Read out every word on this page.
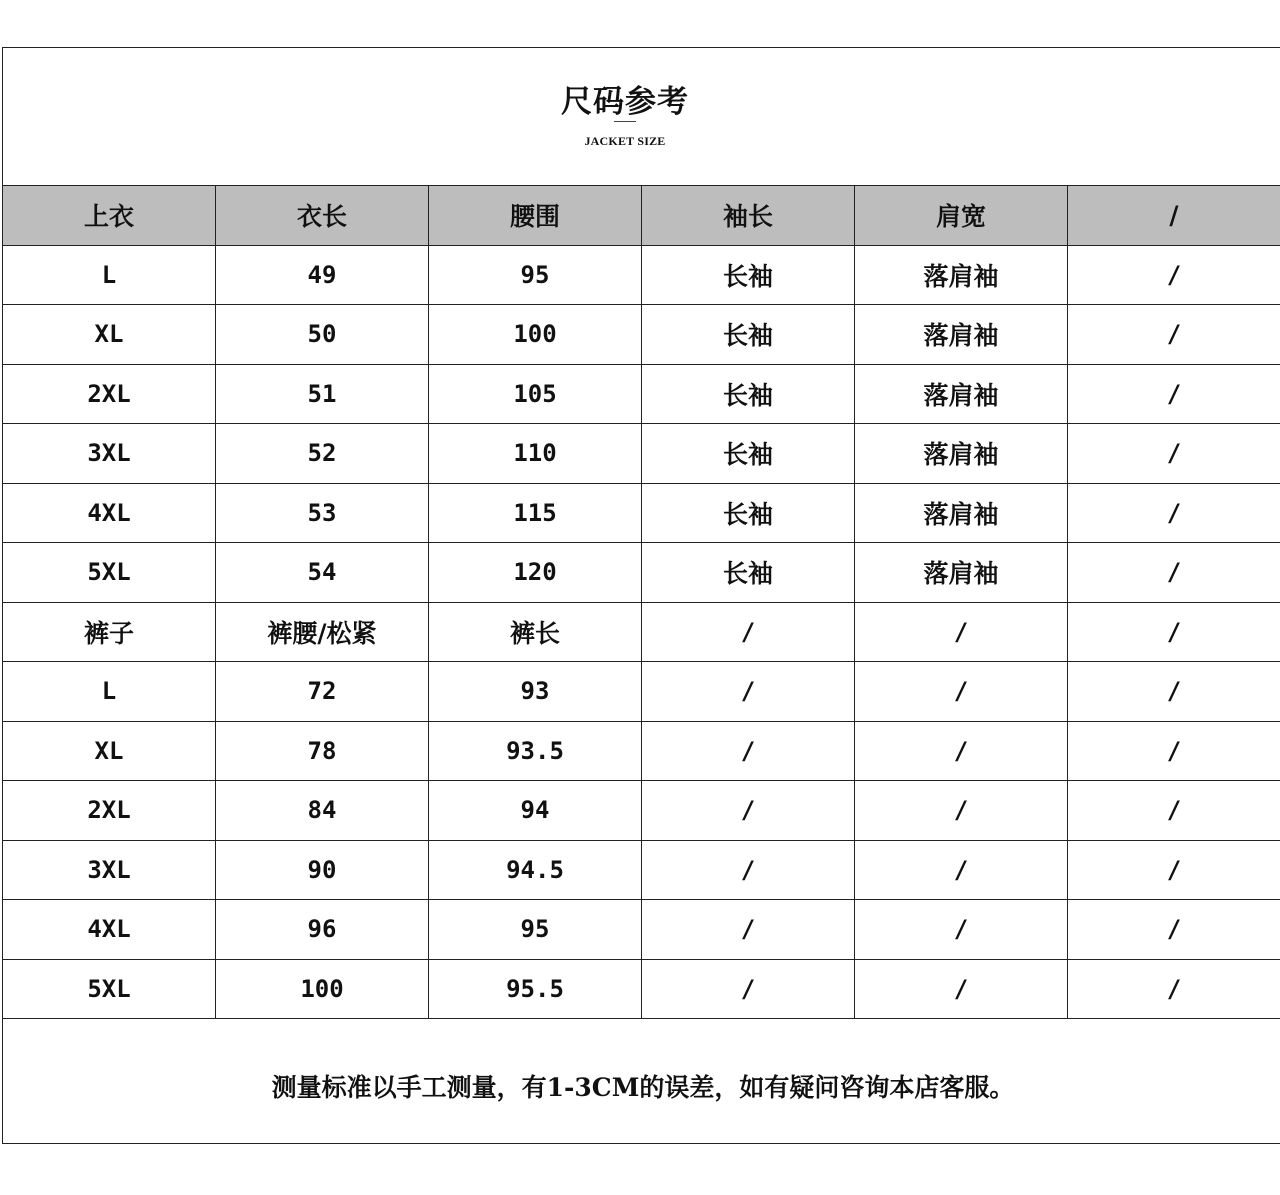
尺码参考
JACKET SIZE
上衣	衣长	腰围	袖长	肩宽	/
L	49	95	长袖	落肩袖	/
XL	50	100	长袖	落肩袖	/
2XL	51	105	长袖	落肩袖	/
3XL	52	110	长袖	落肩袖	/
4XL	53	115	长袖	落肩袖	/
5XL	54	120	长袖	落肩袖	/
裤子	裤腰/松紧	裤长	/	/	/
L	72	93	/	/	/
XL	78	93.5	/	/	/
2XL	84	94	/	/	/
3XL	90	94.5	/	/	/
4XL	96	95	/	/	/
5XL	100	95.5	/	/	/
测量标准以手工测量，有1-3CM的误差，如有疑问咨询本店客服。
